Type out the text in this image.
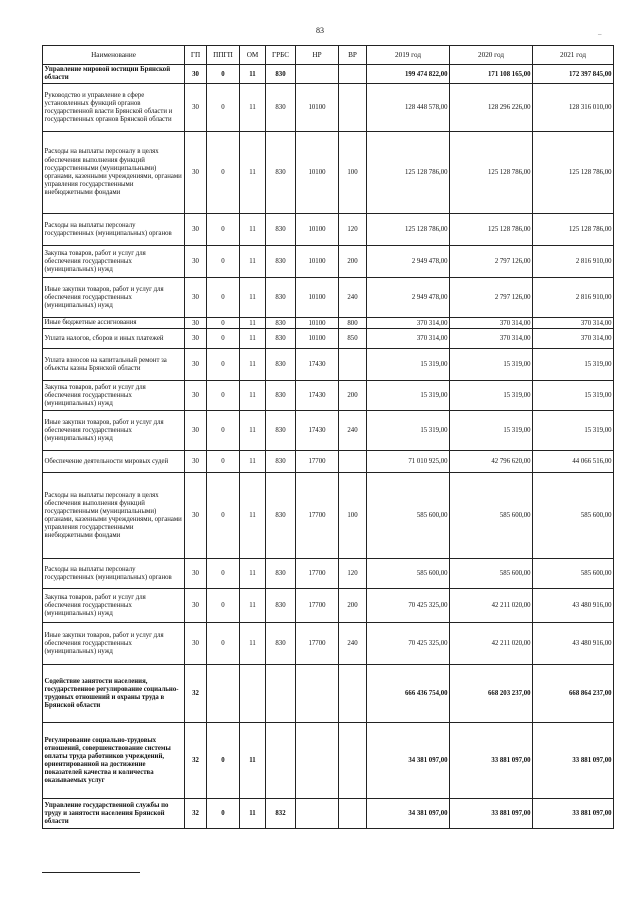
83	–
Наименование	ГП	ППГП	ОМ	ГРБС	НР	ВР	2019 год	2020 год	2021 год
Управление мировой юстиции Брянской области	30	0	11	830			199 474 822,00	171 108 165,00	172 397 845,00
Руководство и управление в сфере установленных функций органов государственной власти Брянской области и государственных органов Брянской области	30	0	11	830	10100		128 448 578,00	128 296 226,00	128 316 010,00
Расходы на выплаты персоналу в целях обеспечения выполнения функций государственными (муниципальными) органами, казенными учреждениями, органами управления государственными внебюджетными фондами	30	0	11	830	10100	100	125 128 786,00	125 128 786,00	125 128 786,00
Расходы на выплаты персоналу государственных (муниципальных) органов	30	0	11	830	10100	120	125 128 786,00	125 128 786,00	125 128 786,00
Закупка товаров, работ и услуг для обеспечения государственных (муниципальных) нужд	30	0	11	830	10100	200	2 949 478,00	2 797 126,00	2 816 910,00
Иные закупки товаров, работ и услуг для обеспечения государственных (муниципальных) нужд	30	0	11	830	10100	240	2 949 478,00	2 797 126,00	2 816 910,00
Иные бюджетные ассигнования	30	0	11	830	10100	800	370 314,00	370 314,00	370 314,00
Уплата налогов, сборов и иных платежей	30	0	11	830	10100	850	370 314,00	370 314,00	370 314,00
Уплата взносов на капитальный ремонт за объекты казны Брянской области	30	0	11	830	17430		15 319,00	15 319,00	15 319,00
Закупка товаров, работ и услуг для обеспечения государственных (муниципальных) нужд	30	0	11	830	17430	200	15 319,00	15 319,00	15 319,00
Иные закупки товаров, работ и услуг для обеспечения государственных (муниципальных) нужд	30	0	11	830	17430	240	15 319,00	15 319,00	15 319,00
Обеспечение деятельности мировых судей	30	0	11	830	17700		71 010 925,00	42 796 620,00	44 066 516,00
Расходы на выплаты персоналу в целях обеспечения выполнения функций государственными (муниципальными) органами, казенными учреждениями, органами управления государственными внебюджетными фондами	30	0	11	830	17700	100	585 600,00	585 600,00	585 600,00
Расходы на выплаты персоналу государственных (муниципальных) органов	30	0	11	830	17700	120	585 600,00	585 600,00	585 600,00
Закупка товаров, работ и услуг для обеспечения государственных (муниципальных) нужд	30	0	11	830	17700	200	70 425 325,00	42 211 020,00	43 480 916,00
Иные закупки товаров, работ и услуг для обеспечения государственных (муниципальных) нужд	30	0	11	830	17700	240	70 425 325,00	42 211 020,00	43 480 916,00
Содействие занятости населения, государственное регулирование социально-трудовых отношений и охраны труда в Брянской области	32						666 436 754,00	668 203 237,00	668 864 237,00
Регулирование социально-трудовых отношений, совершенствование системы оплаты труда работников учреждений, ориентированной на достижение показателей качества и количества оказываемых услуг	32	0	11				34 381 097,00	33 881 097,00	33 881 097,00
Управление государственной службы по труду и занятости населения Брянской области	32	0	11	832			34 381 097,00	33 881 097,00	33 881 097,00
